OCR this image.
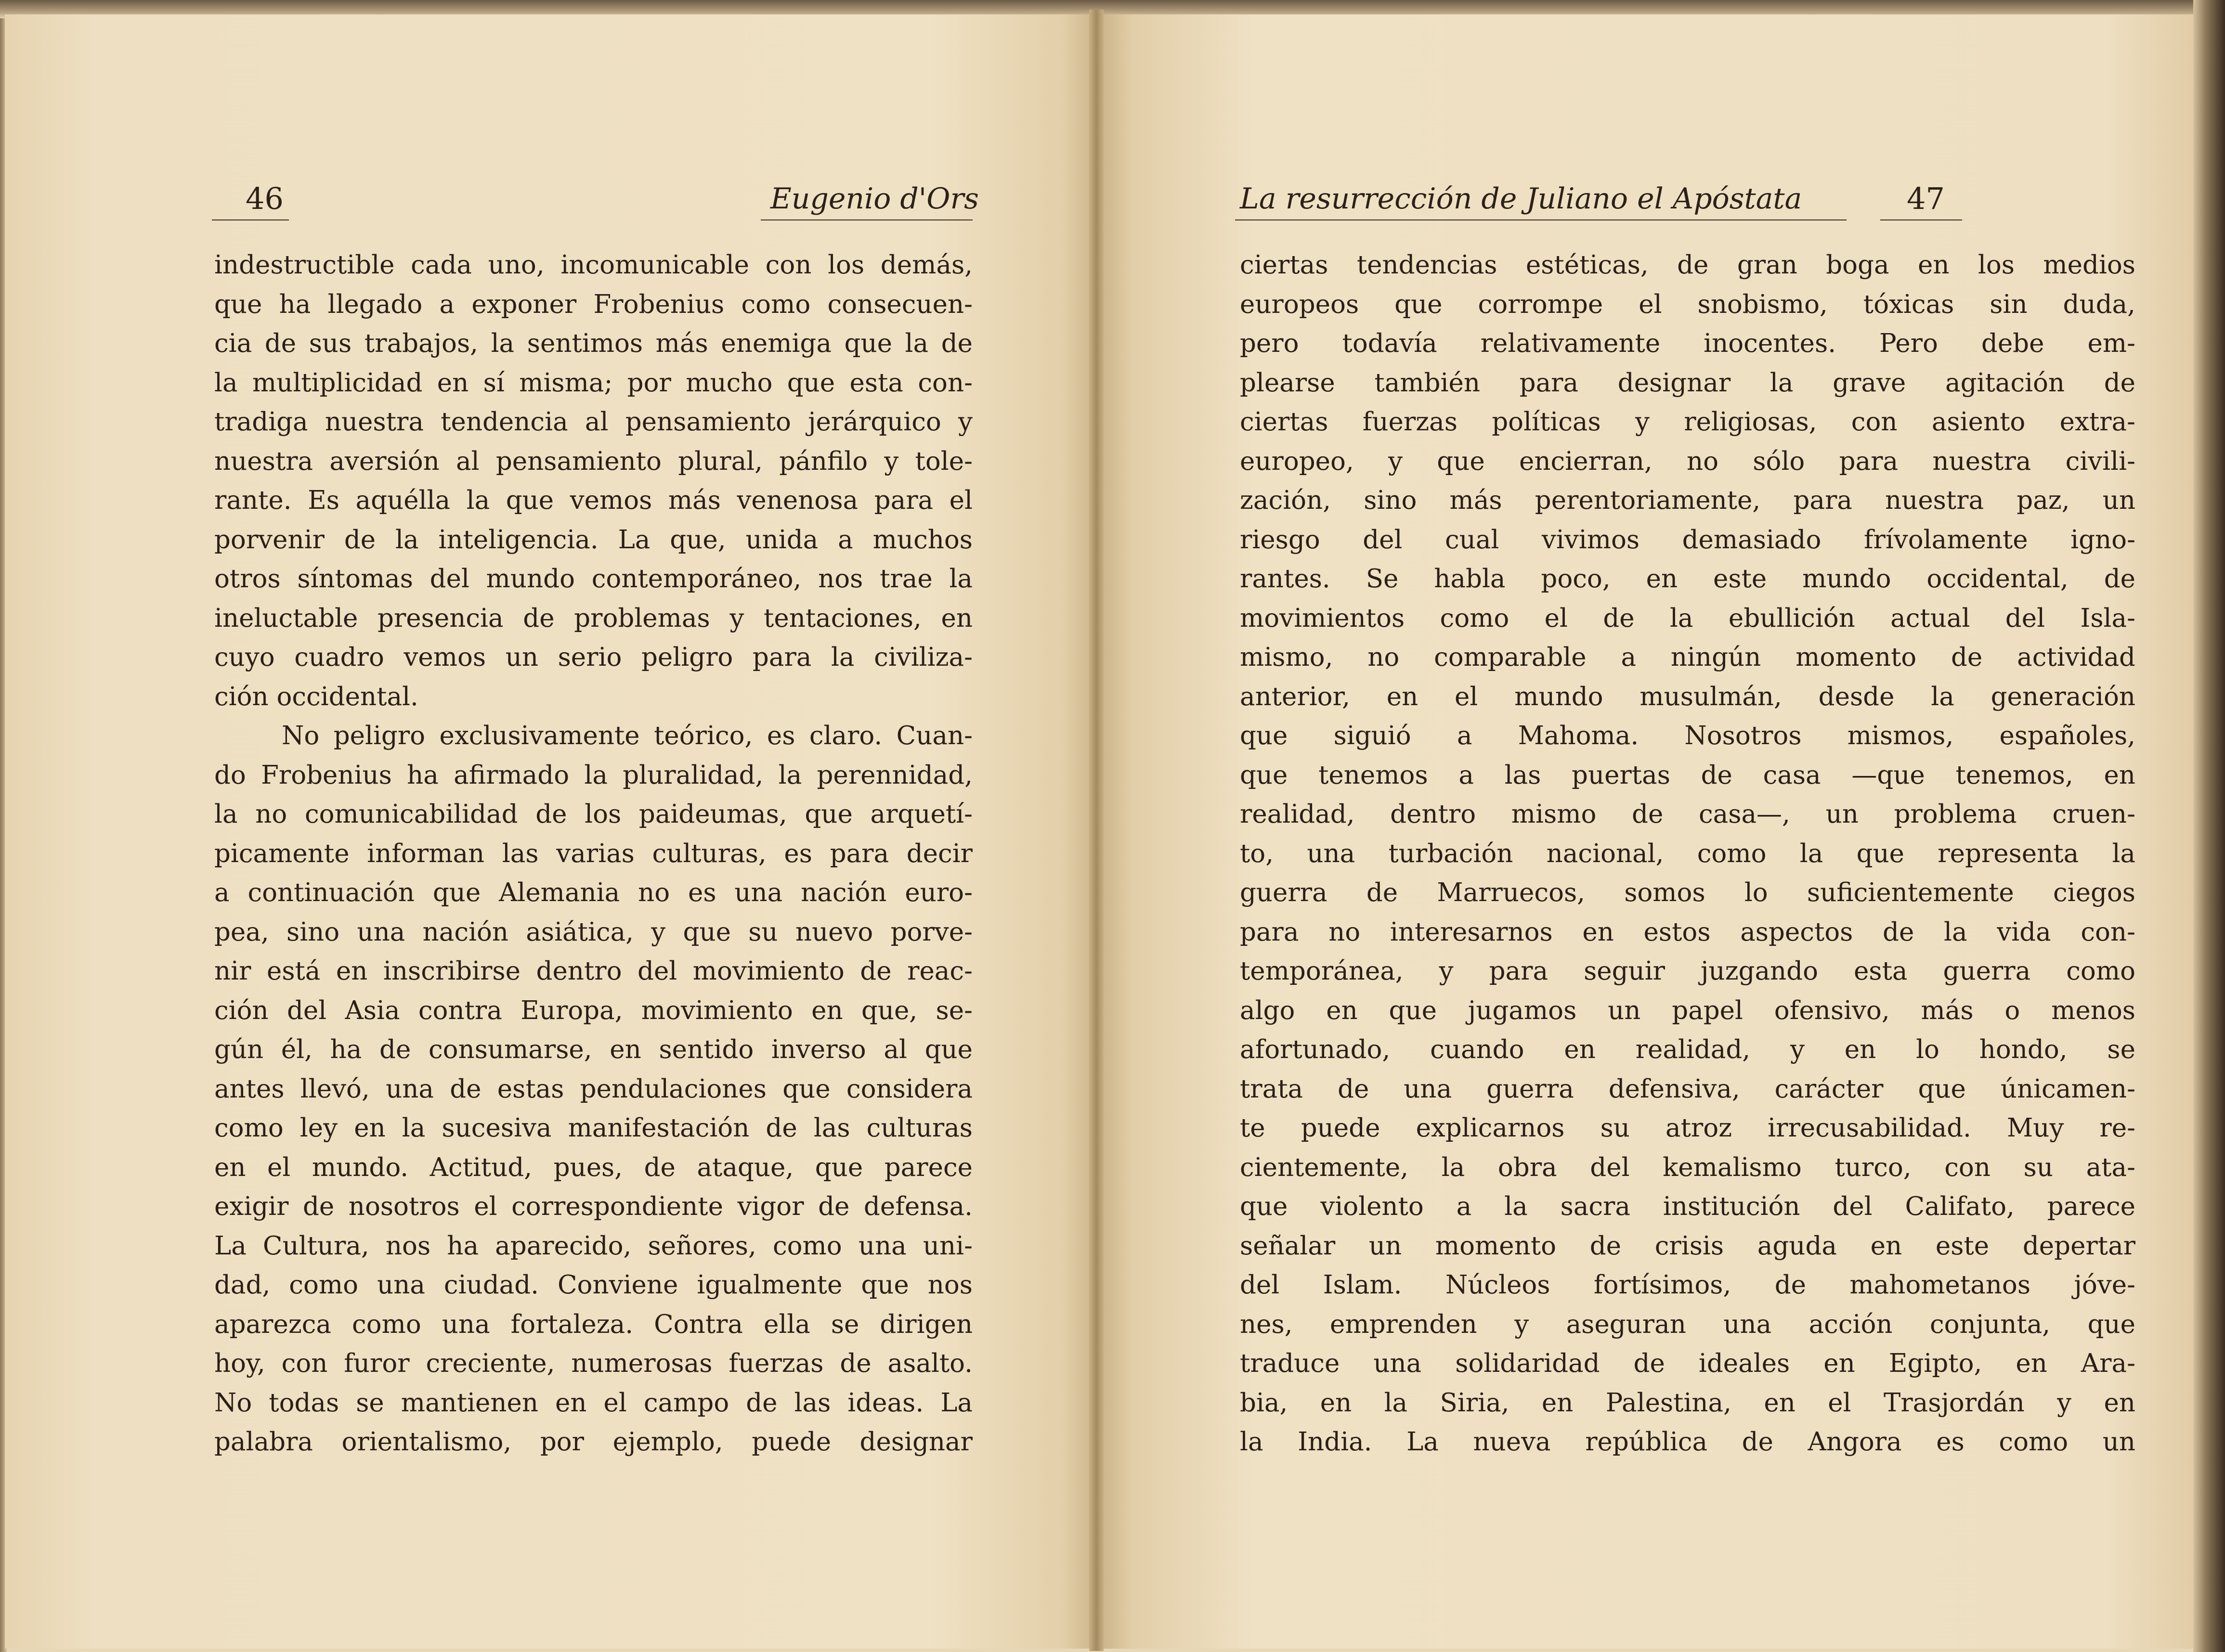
46	Eugenio d'Ors
indestructible cada uno, incomunicable con los demás,
que ha llegado a exponer Frobenius como consecuen-
cia de sus trabajos, la sentimos más enemiga que la de
la multiplicidad en sí misma; por mucho que esta con-
tradiga nuestra tendencia al pensamiento jerárquico y
nuestra aversión al pensamiento plural, pánfilo y tole-
rante. Es aquélla la que vemos más venenosa para el
porvenir de la inteligencia. La que, unida a muchos
otros síntomas del mundo contemporáneo, nos trae la
ineluctable presencia de problemas y tentaciones, en
cuyo cuadro vemos un serio peligro para la civiliza-
ción occidental.
No peligro exclusivamente teórico, es claro. Cuan-
do Frobenius ha afirmado la pluralidad, la perennidad,
la no comunicabilidad de los paideumas, que arquetí-
picamente informan las varias culturas, es para decir
a continuación que Alemania no es una nación euro-
pea, sino una nación asiática, y que su nuevo porve-
nir está en inscribirse dentro del movimiento de reac-
ción del Asia contra Europa, movimiento en que, se-
gún él, ha de consumarse, en sentido inverso al que
antes llevó, una de estas pendulaciones que considera
como ley en la sucesiva manifestación de las culturas
en el mundo. Actitud, pues, de ataque, que parece
exigir de nosotros el correspondiente vigor de defensa.
La Cultura, nos ha aparecido, señores, como una uni-
dad, como una ciudad. Conviene igualmente que nos
aparezca como una fortaleza. Contra ella se dirigen
hoy, con furor creciente, numerosas fuerzas de asalto.
No todas se mantienen en el campo de las ideas. La
palabra orientalismo, por ejemplo, puede designar
La resurrección de Juliano el Apóstata	47
ciertas tendencias estéticas, de gran boga en los medios
europeos que corrompe el snobismo, tóxicas sin duda,
pero todavía relativamente inocentes. Pero debe em-
plearse también para designar la grave agitación de
ciertas fuerzas políticas y religiosas, con asiento extra-
europeo, y que encierran, no sólo para nuestra civili-
zación, sino más perentoriamente, para nuestra paz, un
riesgo del cual vivimos demasiado frívolamente igno-
rantes. Se habla poco, en este mundo occidental, de
movimientos como el de la ebullición actual del Isla-
mismo, no comparable a ningún momento de actividad
anterior, en el mundo musulmán, desde la generación
que siguió a Mahoma. Nosotros mismos, españoles,
que tenemos a las puertas de casa —que tenemos, en
realidad, dentro mismo de casa—, un problema cruen-
to, una turbación nacional, como la que representa la
guerra de Marruecos, somos lo suficientemente ciegos
para no interesarnos en estos aspectos de la vida con-
temporánea, y para seguir juzgando esta guerra como
algo en que jugamos un papel ofensivo, más o menos
afortunado, cuando en realidad, y en lo hondo, se
trata de una guerra defensiva, carácter que únicamen-
te puede explicarnos su atroz irrecusabilidad. Muy re-
cientemente, la obra del kemalismo turco, con su ata-
que violento a la sacra institución del Califato, parece
señalar un momento de crisis aguda en este depertar
del Islam. Núcleos fortísimos, de mahometanos jóve-
nes, emprenden y aseguran una acción conjunta, que
traduce una solidaridad de ideales en Egipto, en Ara-
bia, en la Siria, en Palestina, en el Trasjordán y en
la India. La nueva república de Angora es como un
